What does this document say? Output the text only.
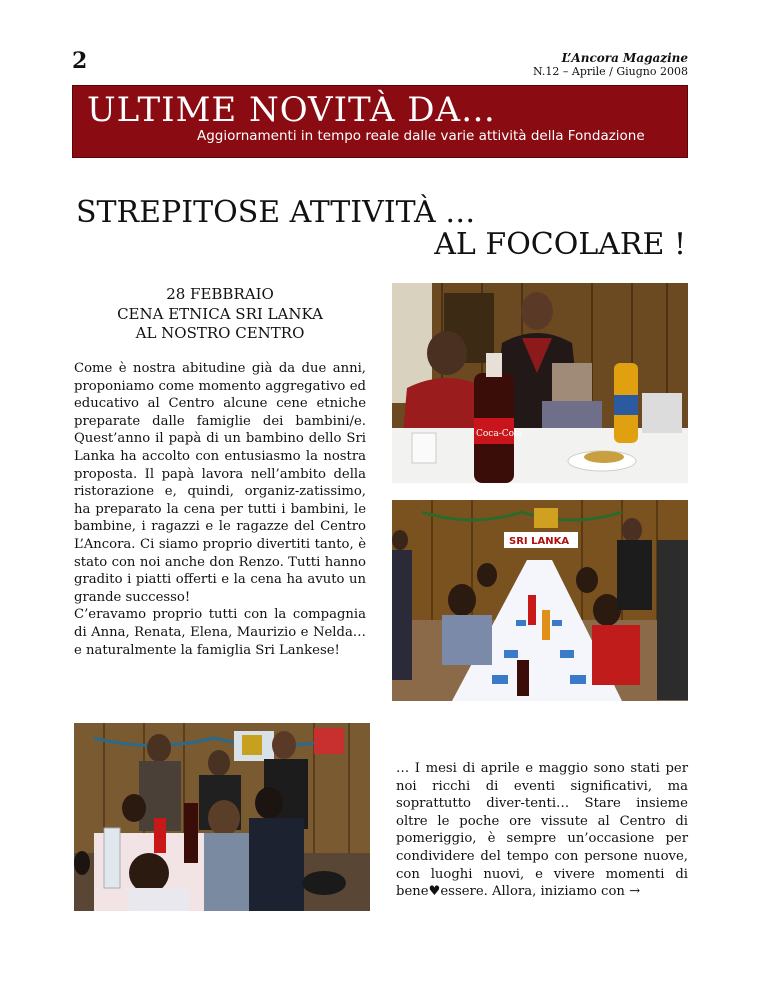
2	L’Ancora Magazine
N.12 – Aprile / Giugno 2008
ULTIME NOVITÀ DA…
Aggiornamenti in tempo reale dalle varie attività della Fondazione
STREPITOSE ATTIVITÀ …
AL FOCOLARE !
28 FEBBRAIO
CENA ETNICA SRI LANKA
AL NOSTRO CENTRO
Come è nostra abitudine già da due anni, proponiamo come momento aggregativo ed educativo al Centro alcune cene etniche preparate dalle famiglie dei bambini/e. Quest’anno il papà di un bambino dello Sri Lanka ha accolto con entusiasmo la nostra proposta. Il papà lavora nell’ambito della ristorazione e, quindi, organiz-zatissimo, ha preparato la cena per tutti i bambini, le bambine, i ragazzi e le ragazze del Centro L’Ancora. Ci siamo proprio divertiti tanto, è stato con noi anche don Renzo. Tutti hanno gradito i piatti offerti e la cena ha avuto un grande successo!
C’eravamo proprio tutti con la compagnia di Anna, Renata, Elena, Maurizio e Nelda… e naturalmente la famiglia Sri Lankese!
Coca-Cola
SRI LANKA
… I mesi di aprile e maggio sono stati per noi ricchi di eventi significativi, ma soprattutto diver-tenti… Stare insieme oltre le poche ore vissute al Centro di pomeriggio, è sempre un’occasione per condividere del tempo con persone nuove, con luoghi nuovi, e vivere momenti di bene♥essere. Allora, iniziamo con →
